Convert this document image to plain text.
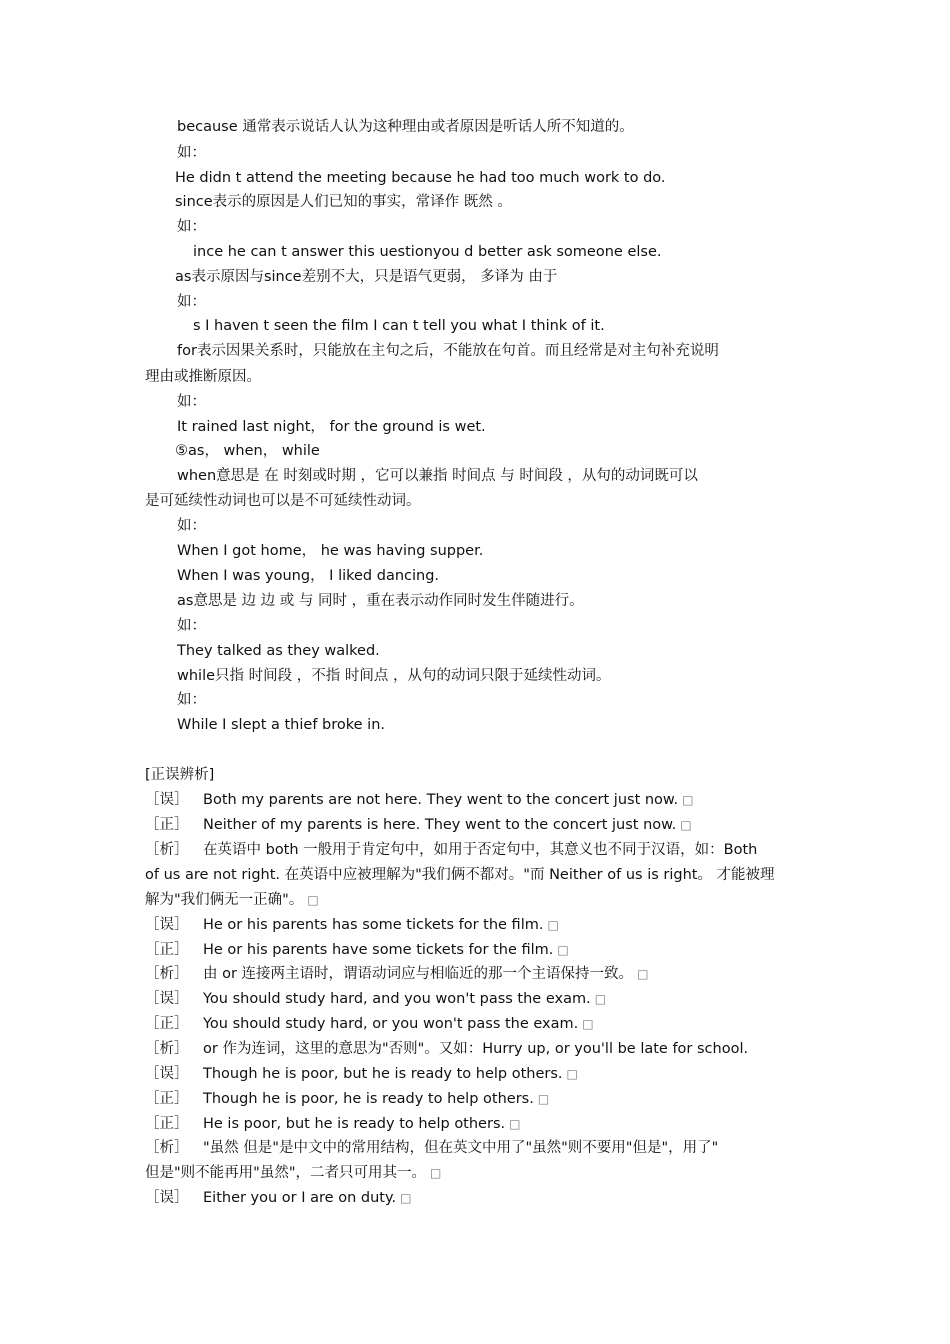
because 通常表示说话人认为这种理由或者原因是听话人所不知道的。
如：
He didn t attend the meeting because he had too much work to do.
since表示的原因是人们已知的事实，常译作 既然 。
如：
ince he can t answer this uestionyou d better ask someone else.
as表示原因与since差别不大，只是语气更弱， 多译为 由于
如：
s I haven t seen the film I can t tell you what I think of it.
for表示因果关系时，只能放在主句之后，不能放在句首。而且经常是对主句补充说明
理由或推断原因。
如：
It rained last night， for the ground is wet.
⑤as， when， while
when意思是 在 时刻或时期 ，它可以兼指 时间点 与 时间段 ，从句的动词既可以
是可延续性动词也可以是不可延续性动词。
如：
When I got home， he was having supper.
When I was young， I liked dancing.
as意思是 边 边 或 与 同时 ，重在表示动作同时发生伴随进行。
如：
They talked as they walked.
while只指 时间段 ，不指 时间点 ，从句的动词只限于延续性动词。
如：
While I slept a thief broke in.
[正误辨析]
［误］ Both my parents are not here. They went to the concert just now. □
［正］ Neither of my parents is here. They went to the concert just now. □
［析］ 在英语中 both 一般用于肯定句中，如用于否定句中，其意义也不同于汉语，如：Both
of us are not right. 在英语中应被理解为"我们俩不都对。"而 Neither of us is right。 才能被理
解为"我们俩无一正确"。 □
［误］ He or his parents has some tickets for the film. □
［正］ He or his parents have some tickets for the film. □
［析］ 由 or 连接两主语时，谓语动词应与相临近的那一个主语保持一致。 □
［误］ You should study hard, and you won't pass the exam. □
［正］ You should study hard, or you won't pass the exam. □
［析］ or 作为连词，这里的意思为"否则"。又如：Hurry up, or you'll be late for school.
［误］ Though he is poor, but he is ready to help others. □
［正］ Though he is poor, he is ready to help others. □
［正］ He is poor, but he is ready to help others. □
［析］ "虽然 但是"是中文中的常用结构，但在英文中用了"虽然"则不要用"但是"，用了"
但是"则不能再用"虽然"，二者只可用其一。 □
［误］ Either you or I are on duty. □
